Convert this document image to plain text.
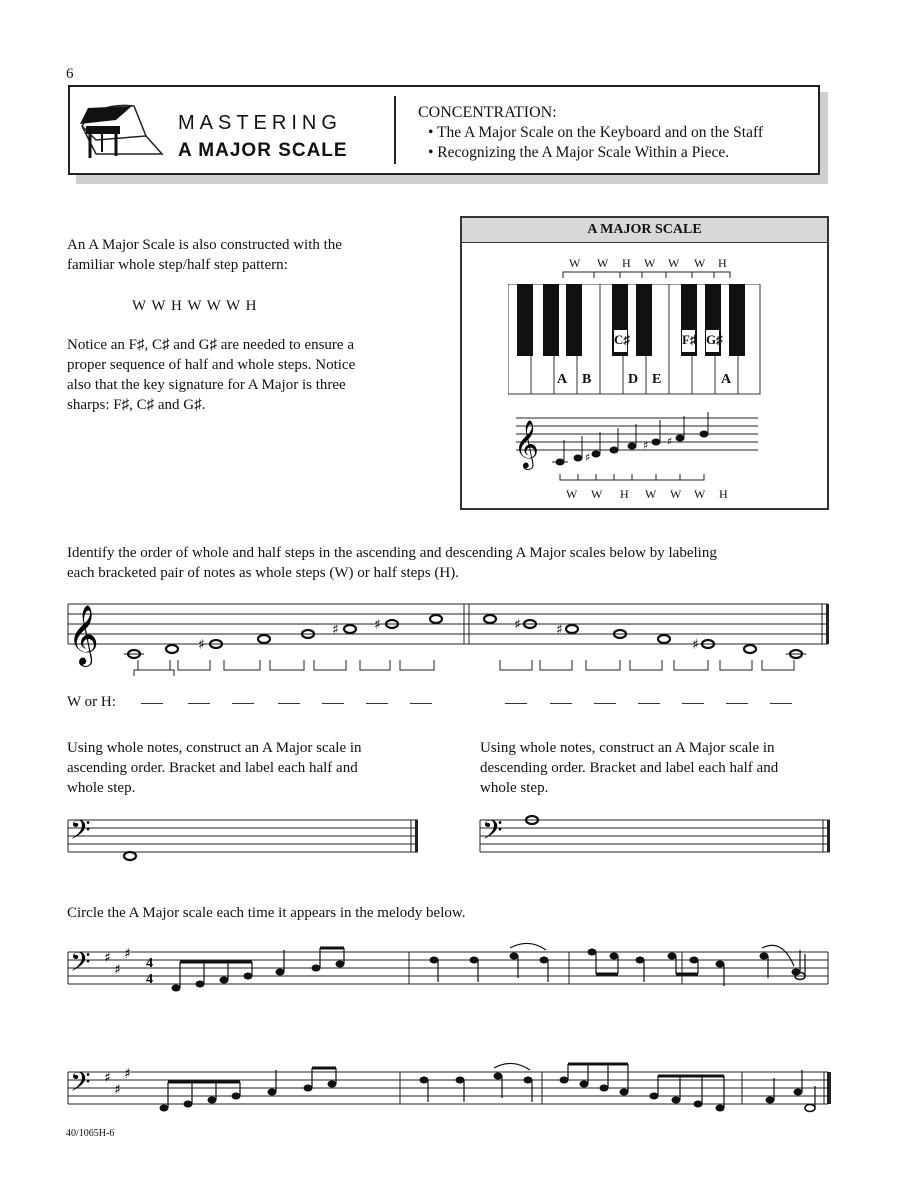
6
MASTERING
A MAJOR SCALE
CONCENTRATION:
• The A Major Scale on the Keyboard and on the Staff
• Recognizing the A Major Scale Within a Piece.
An A Major Scale is also constructed with the
familiar whole step/half step pattern:
W W H W W W H
Notice an F♯, C♯ and G♯ are needed to ensure a
proper sequence of half and whole steps. Notice
also that the key signature for A Major is three
sharps: F♯, C♯ and G♯.
A MAJOR SCALE
W W H W W W H
C♯	F♯ G♯
A B	D E	A
𝄞	♯
♯ ♯
W W H W W W H
Identify the order of whole and half steps in the ascending and descending A Major scales below by labeling
each bracketed pair of notes as whole steps (W) or half steps (H).
𝄞	♯
♯	♯	♯	♯
♯
W or H:
Using whole notes, construct an A Major scale in
ascending order. Bracket and label each half and
whole step.
Using whole notes, construct an A Major scale in
descending order. Bracket and label each half and
whole step.
𝄢	𝄢
Circle the A Major scale each time it appears in the melody below.
𝄢 ♯
♯
♯
4
4
𝄢 ♯
♯
♯
40/1065H-6
